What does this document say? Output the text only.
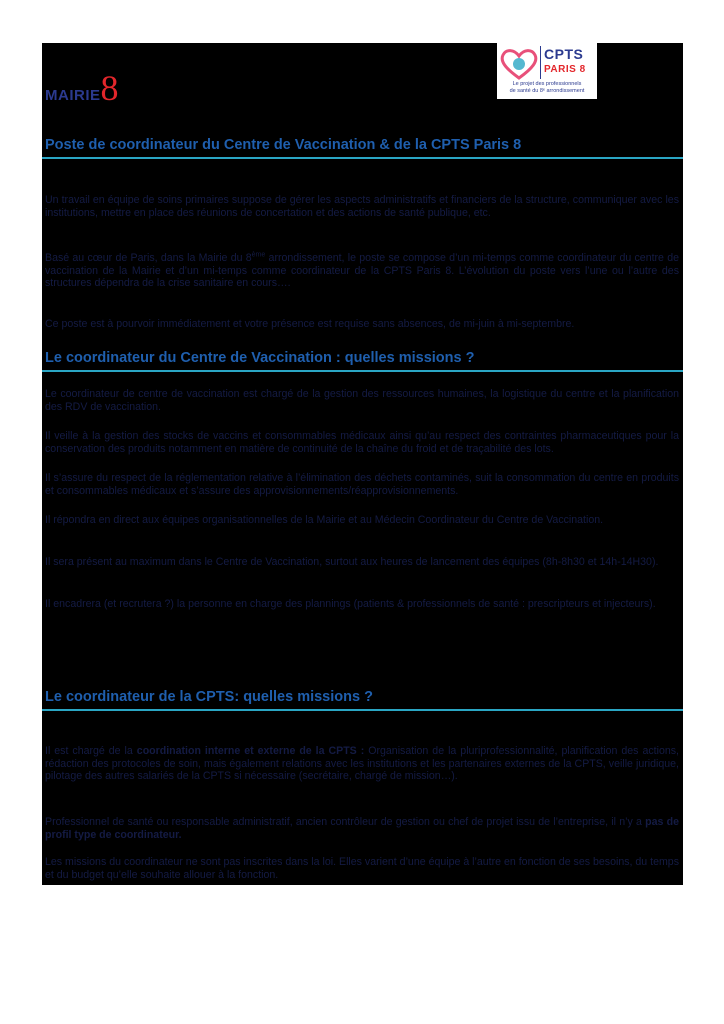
MAIRIE 8
CPTS
PARIS 8
Le projet des professionnels
de santé du 8ᵉ arrondissement
Poste de coordinateur du Centre de Vaccination & de la CPTS Paris 8

Un travail en équipe de soins primaires suppose de gérer les aspects administratifs et financiers de la structure, communiquer avec les institutions, mettre en place des réunions de concertation et des actions de santé publique, etc.

Basé au cœur de Paris, dans la Mairie du 8ème arrondissement, le poste se compose d’un mi-temps comme coordinateur du centre de vaccination de la Mairie et d’un mi-temps comme coordinateur de la CPTS Paris 8. L’évolution du poste vers l’une ou l’autre des structures dépendra de la crise sanitaire en cours….

Ce poste est à pourvoir immédiatement et votre présence est requise sans absences, de mi-juin à mi-septembre.

Le coordinateur du Centre de Vaccination : quelles missions ?

Le coordinateur de centre de vaccination est chargé de la gestion des ressources humaines, la logistique du centre et la planification des RDV de vaccination.

Il veille à la gestion des stocks de vaccins et consommables médicaux ainsi qu’au respect des contraintes pharmaceutiques pour la conservation des produits notamment en matière de continuité de la chaîne du froid et de traçabilité des lots.

Il s’assure du respect de la réglementation relative à l’élimination des déchets contaminés, suit la consommation du centre en produits et consommables médicaux et s’assure des approvisionnements/réapprovisionnements.

Il répondra en direct aux équipes organisationnelles de la Mairie et au Médecin Coordinateur du Centre de Vaccination.

Il sera présent au maximum dans le Centre de Vaccination, surtout aux heures de lancement des équipes (8h-8h30 et 14h-14H30).

Il encadrera (et recrutera ?) la personne en charge des plannings (patients & professionnels de santé : prescripteurs et injecteurs).

Le coordinateur de la CPTS: quelles missions ?

Il est chargé de la coordination interne et externe de la CPTS : Organisation de la pluriprofessionnalité, planification des actions, rédaction des protocoles de soin, mais également relations avec les institutions et les partenaires externes de la CPTS, veille juridique, pilotage des autres salariés de la CPTS si nécessaire (secrétaire, chargé de mission…).

Professionnel de santé ou responsable administratif, ancien contrôleur de gestion ou chef de projet issu de l’entreprise, il n’y a pas de profil type de coordinateur.

Les missions du coordinateur ne sont pas inscrites dans la loi. Elles varient d’une équipe à l’autre en fonction de ses besoins, du temps et du budget qu’elle souhaite allouer à la fonction.
